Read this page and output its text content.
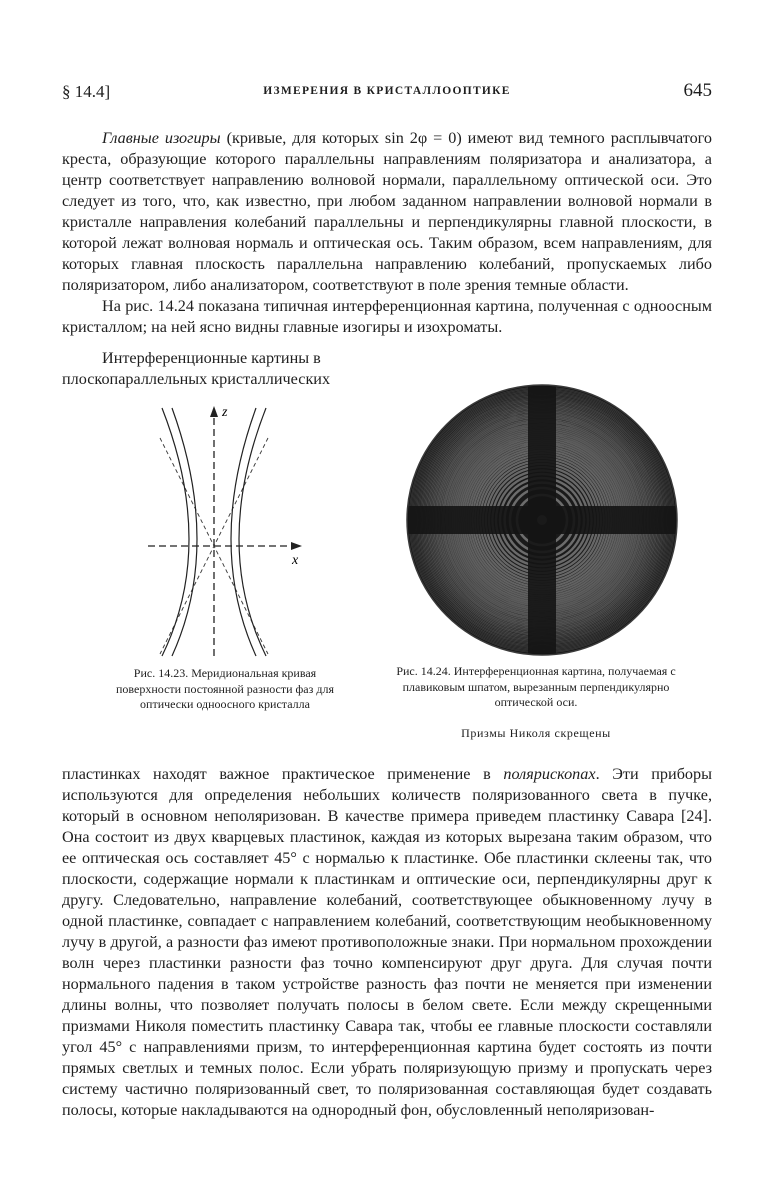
§ 14.4]	ИЗМЕРЕНИЯ В КРИСТАЛЛООПТИКЕ	645

Главные изогиры (кривые, для которых sin 2φ = 0) имеют вид темного расплывчатого креста, образующие которого параллельны направлениям поляризатора и анализатора, а центр соответствует направлению волновой нормали, параллельному оптической оси. Это следует из того, что, как известно, при любом заданном направлении волновой нормали в кристалле направления колебаний параллельны и перпендикулярны главной плоскости, в которой лежат волновая нормаль и оптическая ось. Таким образом, всем направлениям, для которых главная плоскость параллельна направлению колебаний, пропускаемых либо поляризатором, либо анализатором, соответствуют в поле зрения темные области.

На рис. 14.24 показана типичная интерференционная картина, полученная с одноосным кристаллом; на ней ясно видны главные изогиры и изохроматы.

Интерференционные картины в
плоскопараллельных кристаллических
z
x
Рис. 14.23. Меридиональная кривая поверхности постоянной разности фаз для оптически одноосного кристалла
Рис. 14.24. Интерференционная картина, получаемая с плавиковым шпатом, вырезанным перпендикулярно оптической оси.
Призмы Николя скрещены

пластинках находят важное практическое применение в полярископах. Эти приборы используются для определения небольших количеств поляризованного света в пучке, который в основном неполяризован. В качестве примера приведем пластинку Савара [24]. Она состоит из двух кварцевых пластинок, каждая из которых вырезана таким образом, что ее оптическая ось составляет 45° с нормалью к пластинке. Обе пластинки склеены так, что плоскости, содержащие нормали к пластинкам и оптические оси, перпендикулярны друг к другу. Следовательно, направление колебаний, соответствующее обыкновенному лучу в одной пластинке, совпадает с направлением колебаний, соответствующим необыкновенному лучу в другой, а разности фаз имеют противоположные знаки. При нормальном прохождении волн через пластинки разности фаз точно компенсируют друг друга. Для случая почти нормального падения в таком устройстве разность фаз почти не меняется при изменении длины волны, что позволяет получать полосы в белом свете. Если между скрещенными призмами Николя поместить пластинку Савара так, чтобы ее главные плоскости составляли угол 45° с направлениями призм, то интерференционная картина будет состоять из почти прямых светлых и темных полос. Если убрать поляризующую призму и пропускать через систему частично поляризованный свет, то поляризованная составляющая будет создавать полосы, которые накладываются на однородный фон, обусловленный неполяризован-
